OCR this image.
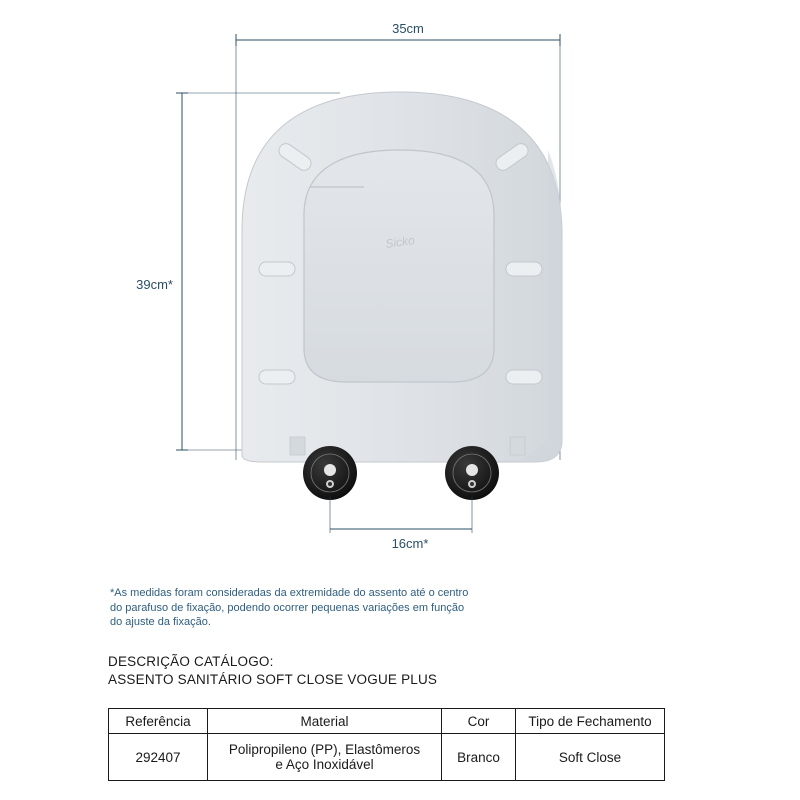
35cm
39cm*
Sicko
16cm*
*As medidas foram consideradas da extremidade do assento até o centro
do parafuso de fixação, podendo ocorrer pequenas variações em função
do ajuste da fixação.
DESCRIÇÃO CATÁLOGO:
ASSENTO SANITÁRIO SOFT CLOSE VOGUE PLUS
Referência	Material	Cor	Tipo de Fechamento
292407	Polipropileno (PP), Elastômeros
e Aço Inoxidável	Branco	Soft Close
